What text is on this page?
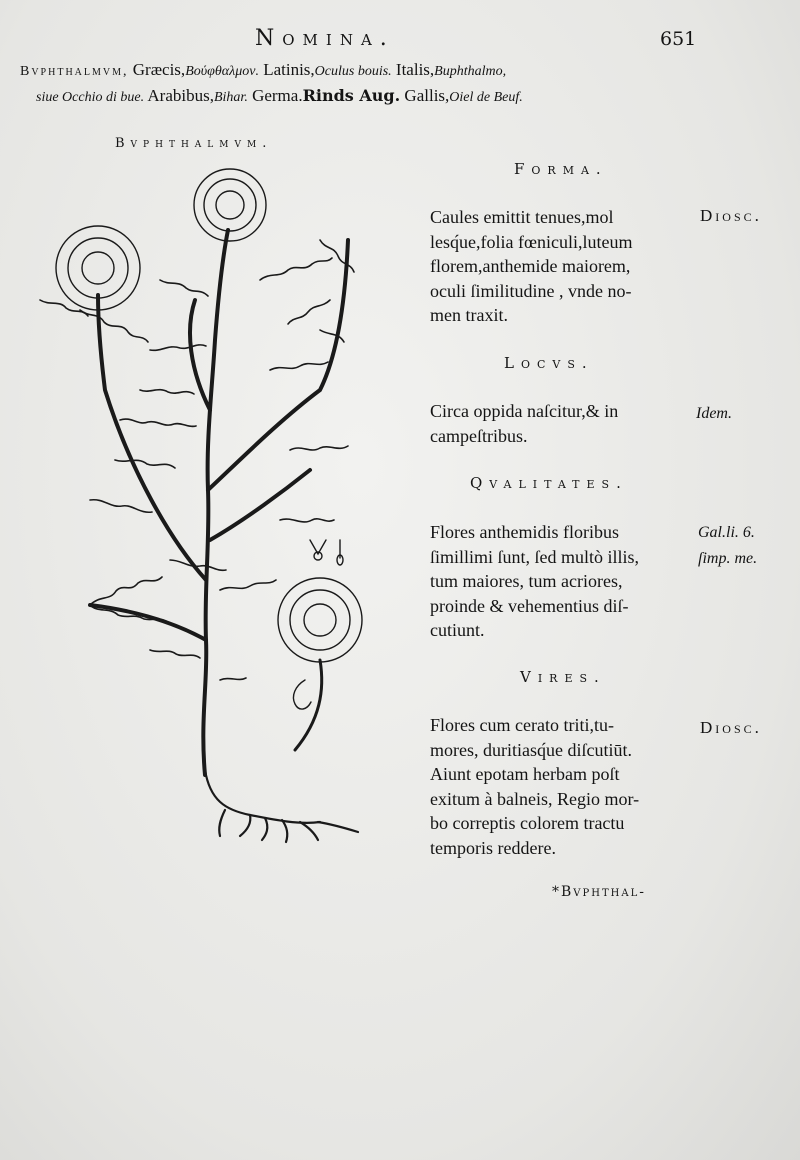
Nomina.	651
Bvphthalmvm, Græcis,Βούφθαλμον. Latinis,Oculus bouis. Italis,Buphthalmo,
siue Occhio di bue. Arabibus,Bihar. Germa.Rinds Aug. Gallis,Oiel de Beuf.
Bvphthalmvm.
Forma.

Caules emittit tenues,mol
lesq́ue,folia fœniculi,luteum
florem,anthemide maiorem,
oculi ſimilitudine , vnde no-
men traxit.

Diosc.
Locvs.

Circa oppida naſcitur,& in
campeſtribus.

Idem.
Qvalitates.

Flores anthemidis floribus
ſimillimi ſunt, ſed multò illis,
tum maiores, tum acriores,
proinde & vehementius diſ-
cutiunt.

Gal.li. 6.
ſimp. me.
Vires.

Flores cum cerato triti,tu-
mores, duritiasq́ue diſcutiūt.
Aiunt epotam herbam poſt
exitum à balneis, Regio mor-
bo correptis colorem tractu
temporis reddere.

Diosc.
*Bvphthal-
